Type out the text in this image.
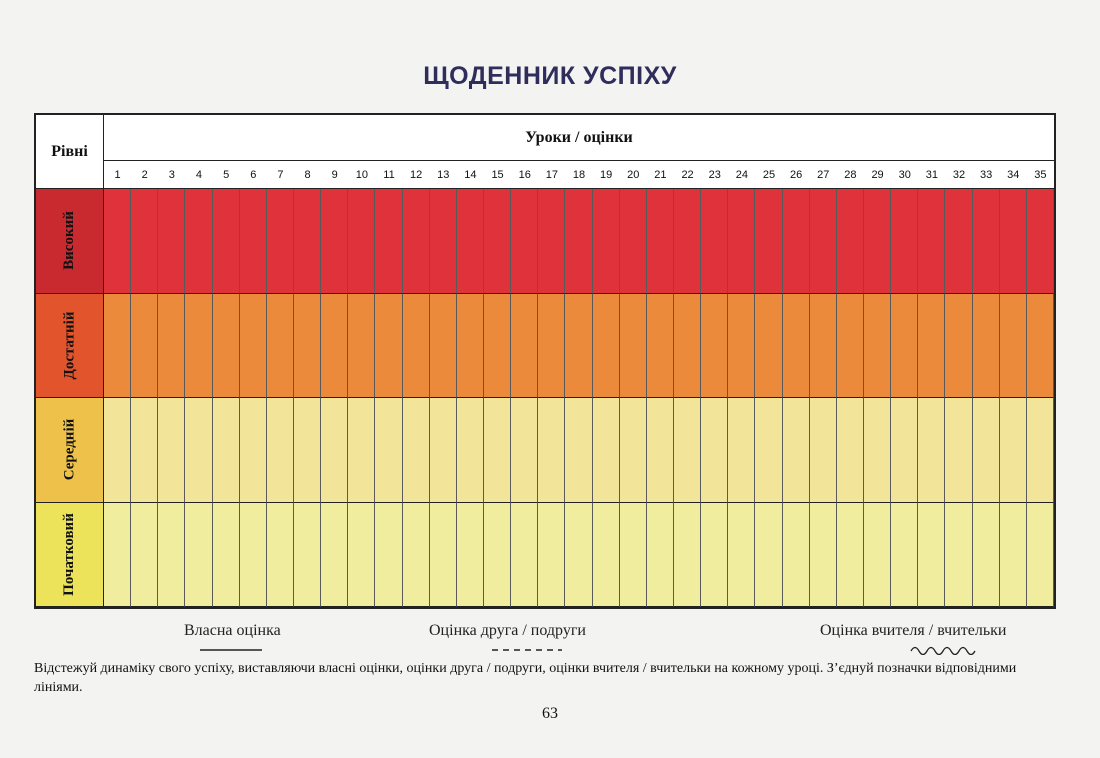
ЩОДЕННИК УСПІХУ
Рівні
Уроки / оцінки
1	2	3	4	5	6	7	8	9	10	11	12	13	14	15	16	17	18	19	20	21	22	23	24	25	26	27	28	29	30	31	32	33	34	35
Високий
Достатній
Середній
Початковий
Власна оцінка	Оцінка друга / подруги	Оцінка вчителя / вчительки
Відстежуй динаміку свого успіху, виставляючи власні оцінки, оцінки друга / подруги, оцінки вчителя / вчительки на кожному уроці. З’єднуй позначки відповідними лініями.
63
